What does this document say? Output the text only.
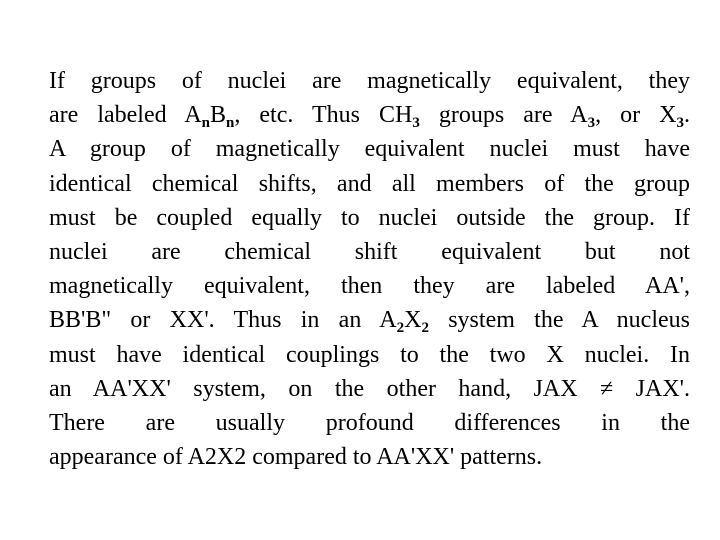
If groups of nuclei are magnetically equivalent, they
are labeled $A_nB_n$, etc. Thus $CH_3$ groups are $A_3$, or $X_3$.
A group of magnetically equivalent nuclei must have
identical chemical shifts, and all members of the group
must be coupled equally to nuclei outside the group. If
nuclei are chemical shift equivalent but not
magnetically equivalent, then they are labeled AA',
BB'B" or XX'. Thus in an $A_2X_2$ system the A nucleus
must have identical couplings to the two X nuclei. In
an AA'XX' system, on the other hand, JAX ≠ JAX'.
There are usually profound differences in the
appearance of A2X2 compared to AA'XX' patterns.
